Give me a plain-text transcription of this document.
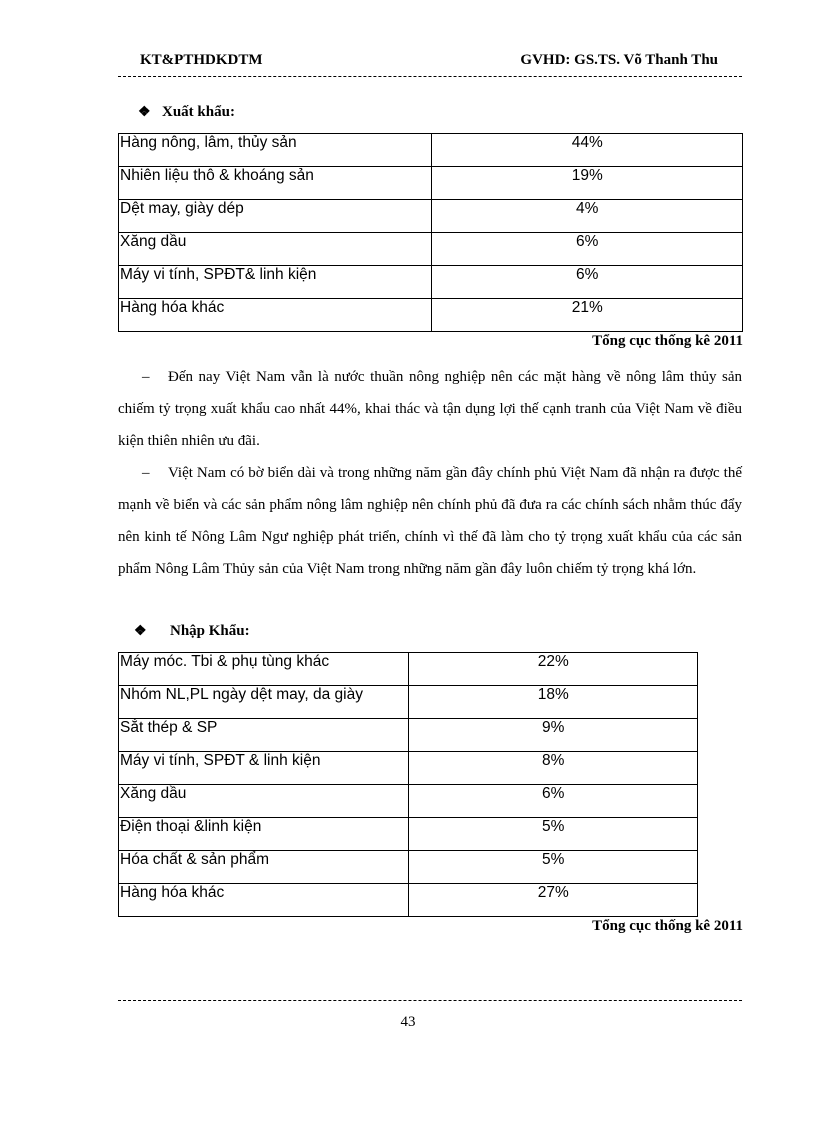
KT&PTHDKDTM	GVHD: GS.TS. Võ Thanh Thu
❖ Xuất khẩu:
Hàng nông, lâm, thủy sản	44%
Nhiên liệu thô & khoáng sản	19%
Dệt may, giày dép	4%
Xăng dầu	6%
Máy vi tính, SPĐT& linh kiện	6%
Hàng hóa khác	21%
Tổng cục thống kê 2011
– Đến nay Việt Nam vẫn là nước thuần nông nghiệp nên các mặt hàng về nông lâm thủy sản chiếm tỷ trọng xuất khẩu cao nhất 44%, khai thác và tận dụng lợi thế cạnh tranh của Việt Nam về điều kiện thiên nhiên ưu đãi.
– Việt Nam có bờ biển dài và trong những năm gần đây chính phủ Việt Nam đã nhận ra được thế mạnh về biển và các sản phẩm nông lâm nghiệp nên chính phủ đã đưa ra các chính sách nhằm thúc đẩy nên kinh tế Nông Lâm Ngư nghiệp phát triển, chính vì thế đã làm cho tỷ trọng xuất khẩu của các sản phẩm Nông Lâm Thủy sản của Việt Nam trong những năm gần đây luôn chiếm tỷ trọng khá lớn.
❖ Nhập Khẩu:
Máy móc. Tbi & phụ tùng khác	22%
Nhóm NL,PL ngày dệt may, da giày	18%
Sắt thép & SP	9%
Máy vi tính, SPĐT & linh kiện	8%
Xăng dầu	6%
Điện thoại &linh kiện	5%
Hóa chất & sản phẩm	5%
Hàng hóa khác	27%
Tổng cục thống kê 2011
43
